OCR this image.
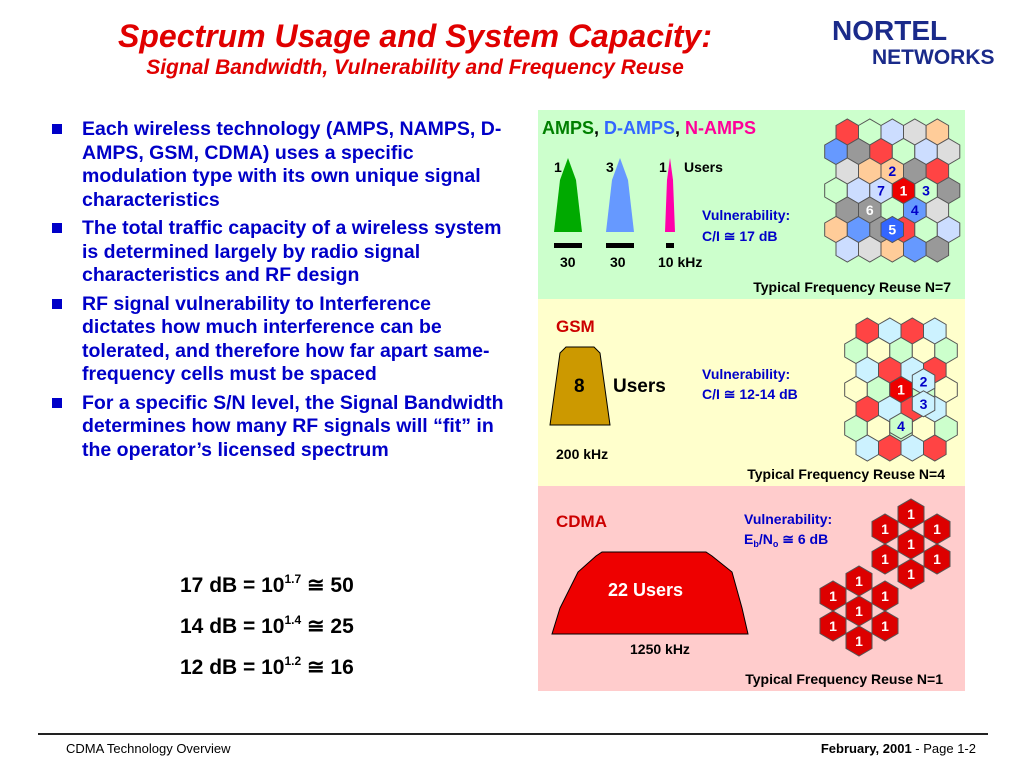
Spectrum Usage and System Capacity:
Signal Bandwidth, Vulnerability and Frequency Reuse
NORTEL
NETWORKS
Each wireless technology (AMPS, NAMPS, D-AMPS, GSM, CDMA) uses a specific modulation type with its own unique signal characteristics
The total traffic capacity of a wireless system is determined largely by radio signal characteristics and RF design
RF signal vulnerability to Interference dictates how much interference can be tolerated, and therefore how far apart same-frequency cells must be spaced
For a specific S/N level, the Signal Bandwidth determines how many RF signals will “fit” in the operator’s licensed spectrum
17 dB = $10^{1.7}$ ≅ 50
14 dB = $10^{1.4}$ ≅ 25
12 dB = $10^{1.2}$ ≅ 16
AMPS, D-AMPS, N-AMPS
1	3	1 Users
30 30 10 kHz
Vulnerability:
C/I ≅ 17 dB
2
7 1 3
6	4
5
Typical Frequency Reuse N=7
GSM
8 Users
200 kHz
Vulnerability:
C/I ≅ 12-14 dB	1 2
3
4
Typical Frequency Reuse N=4
CDMA
22 Users
1250 kHz
Vulnerability:
$E_b/N_o$ ≅ 6 dB
1
1	1
1
1	1
1
1
1	1
1
1	1
1
Typical Frequency Reuse N=1
CDMA Technology Overview	February, 2001 - Page 1-2
